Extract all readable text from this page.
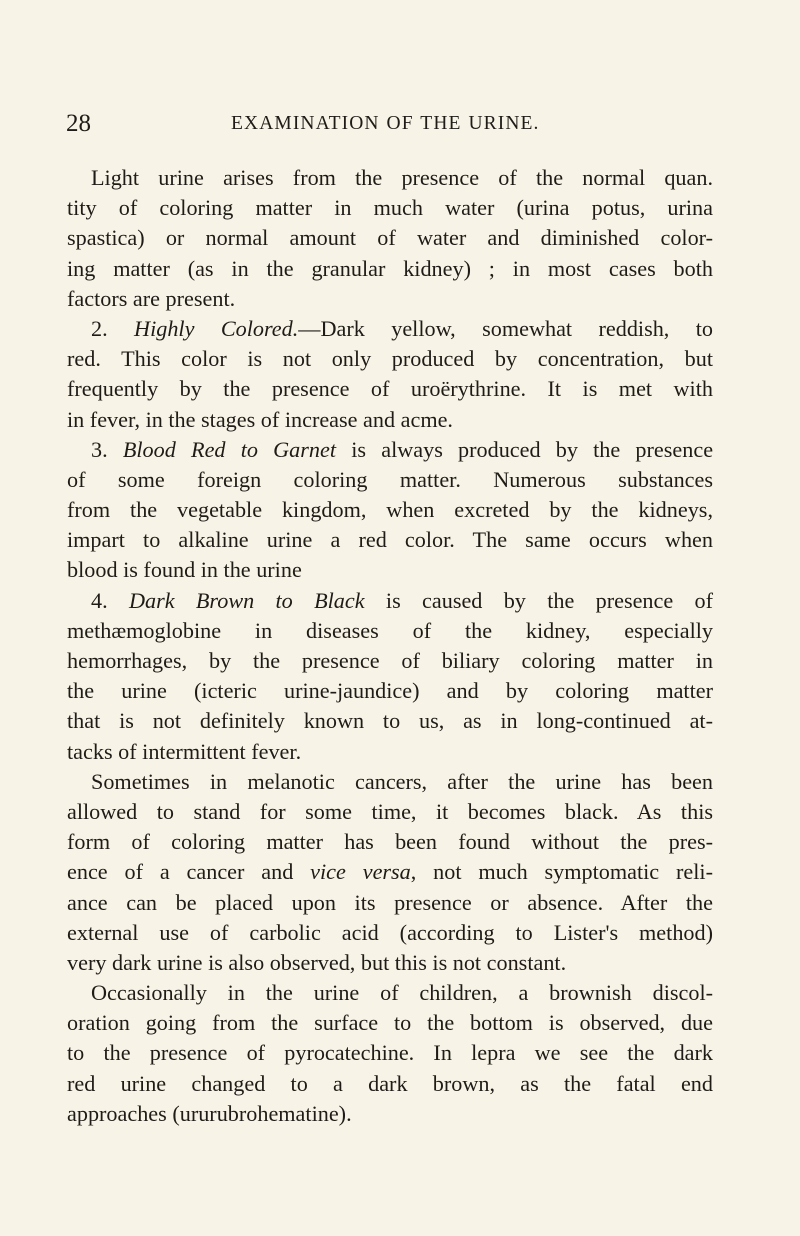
28	EXAMINATION OF THE URINE.
Light urine arises from the presence of the normal quan.
tity of coloring matter in much water (urina potus, urina
spastica) or normal amount of water and diminished color-
ing matter (as in the granular kidney) ; in most cases both
factors are present.
2. Highly Colored.—Dark yellow, somewhat reddish, to
red. This color is not only produced by concentration, but
frequently by the presence of uroërythrine. It is met with
in fever, in the stages of increase and acme.
3. Blood Red to Garnet is always produced by the presence
of some foreign coloring matter. Numerous substances
from the vegetable kingdom, when excreted by the kidneys,
impart to alkaline urine a red color. The same occurs when
blood is found in the urine
4. Dark Brown to Black is caused by the presence of
methæmoglobine in diseases of the kidney, especially
hemorrhages, by the presence of biliary coloring matter in
the urine (icteric urine-jaundice) and by coloring matter
that is not definitely known to us, as in long-continued at-
tacks of intermittent fever.
Sometimes in melanotic cancers, after the urine has been
allowed to stand for some time, it becomes black. As this
form of coloring matter has been found without the pres-
ence of a cancer and vice versa, not much symptomatic reli-
ance can be placed upon its presence or absence. After the
external use of carbolic acid (according to Lister's method)
very dark urine is also observed, but this is not constant.
Occasionally in the urine of children, a brownish discol-
oration going from the surface to the bottom is observed, due
to the presence of pyrocatechine. In lepra we see the dark
red urine changed to a dark brown, as the fatal end
approaches (ururubrohematine).
